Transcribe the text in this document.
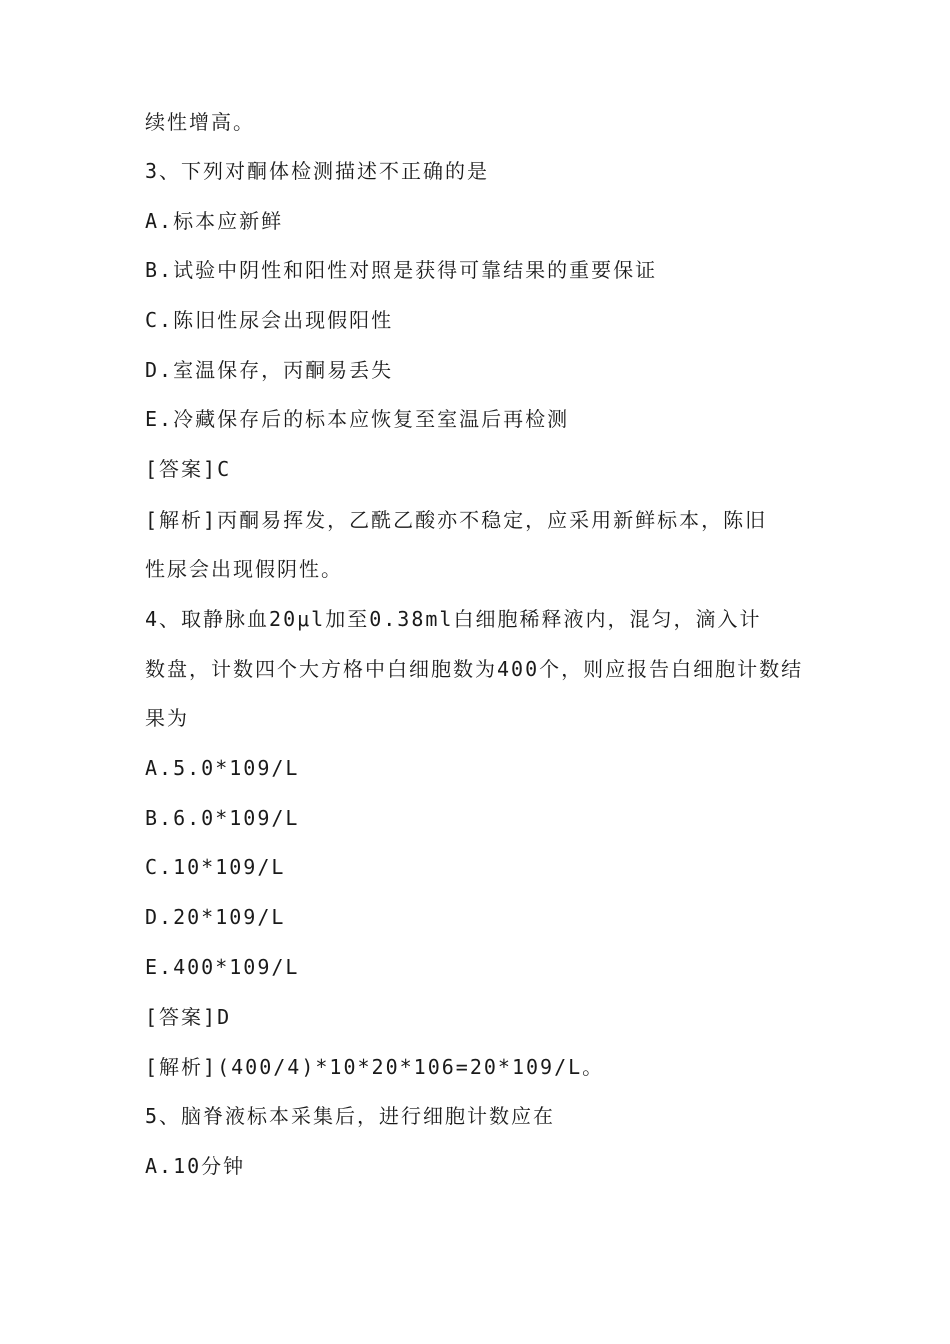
续性增高。
3、下列对酮体检测描述不正确的是
A.标本应新鲜
B.试验中阴性和阳性对照是获得可靠结果的重要保证
C.陈旧性尿会出现假阳性
D.室温保存，丙酮易丢失
E.冷藏保存后的标本应恢复至室温后再检测
[答案]C
[解析]丙酮易挥发，乙酰乙酸亦不稳定，应采用新鲜标本，陈旧
性尿会出现假阴性。
4、取静脉血20μl加至0.38ml白细胞稀释液内，混匀，滴入计
数盘，计数四个大方格中白细胞数为400个，则应报告白细胞计数结
果为
A.5.0*109/L
B.6.0*109/L
C.10*109/L
D.20*109/L
E.400*109/L
[答案]D
[解析](400/4)*10*20*106=20*109/L。
5、脑脊液标本采集后，进行细胞计数应在
A.10分钟
